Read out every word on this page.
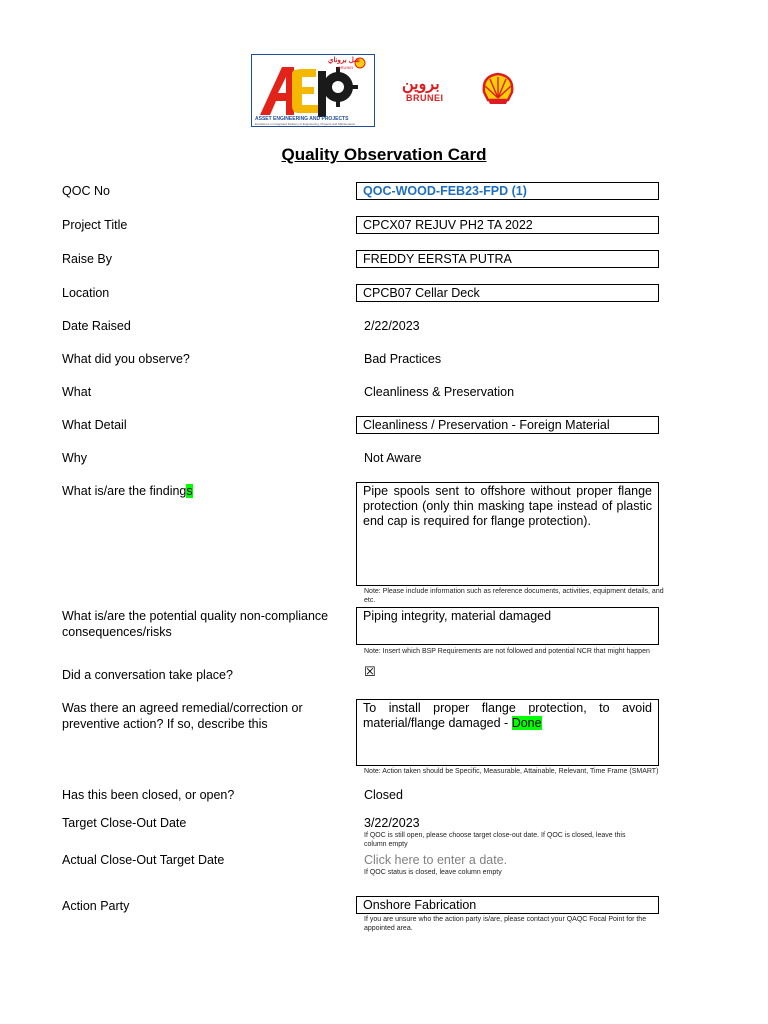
شل بروناي
BRUNEI
ASSET ENGINEERING AND PROJECTS
Excellence in Integrated Delivery of Engineering, Projects and Maintenance
بروين
BRUNEI
Quality Observation Card
QOC No	QOC-WOOD-FEB23-FPD (1)
Project Title	CPCX07 REJUV PH2 TA 2022
Raise By	FREDDY EERSTA PUTRA
Location	CPCB07 Cellar Deck
Date Raised	2/22/2023
What did you observe?	Bad Practices
What	Cleanliness & Preservation
What Detail	Cleanliness / Preservation - Foreign Material
Why	Not Aware
What is/are the findings	Pipe spools sent to offshore without proper flange protection (only thin masking tape instead of plastic end cap is required for flange protection).
Note: Please include information such as reference documents, activities, equipment details, and etc.
What is/are the potential quality non-compliance
consequences/risks
Piping integrity, material damaged
Note: Insert which BSP Requirements are not followed and potential NCR that might happen
Did a conversation take place?	☒
Was there an agreed remedial/correction or
preventive action? If so, describe this
To install proper flange protection, to avoid material/flange damaged - Done
Note: Action taken should be Specific, Measurable, Attainable, Relevant, Time Frame (SMART)
Has this been closed, or open?	Closed
Target Close-Out Date	3/22/2023
If QOC is still open, please choose target close-out date. If QOC is closed, leave this column empty
Actual Close-Out Target Date	Click here to enter a date.
If QOC status is closed, leave column empty
Action Party	Onshore Fabrication
If you are unsure who the action party is/are, please contact your QAQC Focal Point for the appointed area.
